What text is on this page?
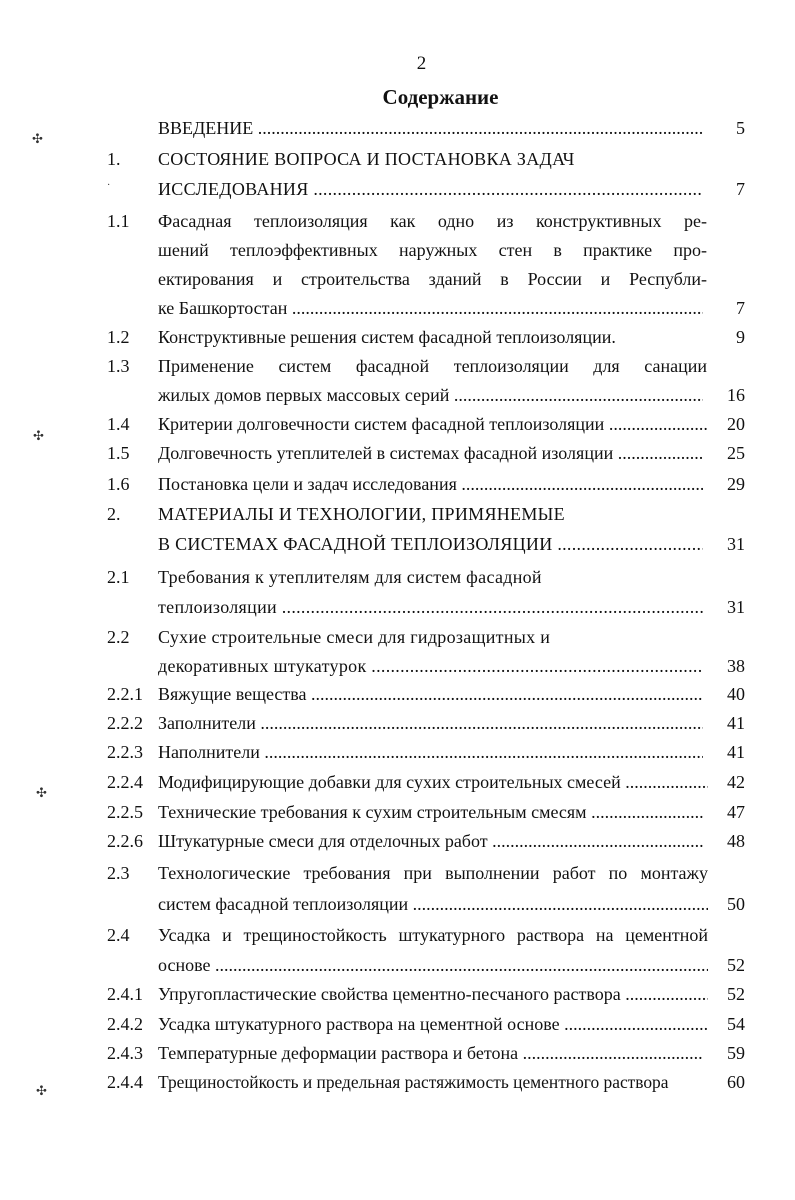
2
Содержание
ВВЕДЕНИЕ .....	5
1. СОСТОЯНИЕ ВОПРОСА И ПОСТАНОВКА ЗАДАЧ
ИССЛЕДОВАНИЯ .....	7
1.1 Фасадная теплоизоляция как одно из конструктивных ре-
шений теплоэффективных наружных стен в практике про-
ектирования и строительства зданий в России и Республи-
ке Башкортостан .....	7
1.2 Конструктивные решения систем фасадной теплоизоляции.	9
1.3 Применение систем фасадной теплоизоляции для санации
жилых домов первых массовых серий .....	16
1.4 Критерии долговечности систем фасадной теплоизоляции .....	20
1.5 Долговечность утеплителей в системах фасадной изоляции .....	25
1.6 Постановка цели и задач исследования .....	29
2. МАТЕРИАЛЫ И ТЕХНОЛОГИИ, ПРИМЯНЕМЫЕ
В СИСТЕМАХ ФАСАДНОЙ ТЕПЛОИЗОЛЯЦИИ .....	31
2.1 Требования к утеплителям для систем фасадной
теплоизоляции .....	31
2.2 Сухие строительные смеси для гидрозащитных и
декоративных штукатурок .....	38
2.2.1 Вяжущие вещества .....	40
2.2.2 Заполнители .....	41
2.2.3 Наполнители .....	41
2.2.4 Модифицирующие добавки для сухих строительных смесей .....	42
2.2.5 Технические требования к сухим строительным смесям .....	47
2.2.6 Штукатурные смеси для отделочных работ .....	48
2.3 Технологические требования при выполнении работ по монтажу
систем фасадной теплоизоляции .....	50
2.4 Усадка и трещиностойкость штукатурного раствора на цементной
основе .....	52
2.4.1 Упругопластические свойства цементно-песчаного раствора .....	52
2.4.2 Усадка штукатурного раствора на цементной основе .....	54
2.4.3 Температурные деформации раствора и бетона .....	59
2.4.4 Трещиностойкость и предельная растяжимость цементного раствора	60
✣
✣
✣
✣
·
